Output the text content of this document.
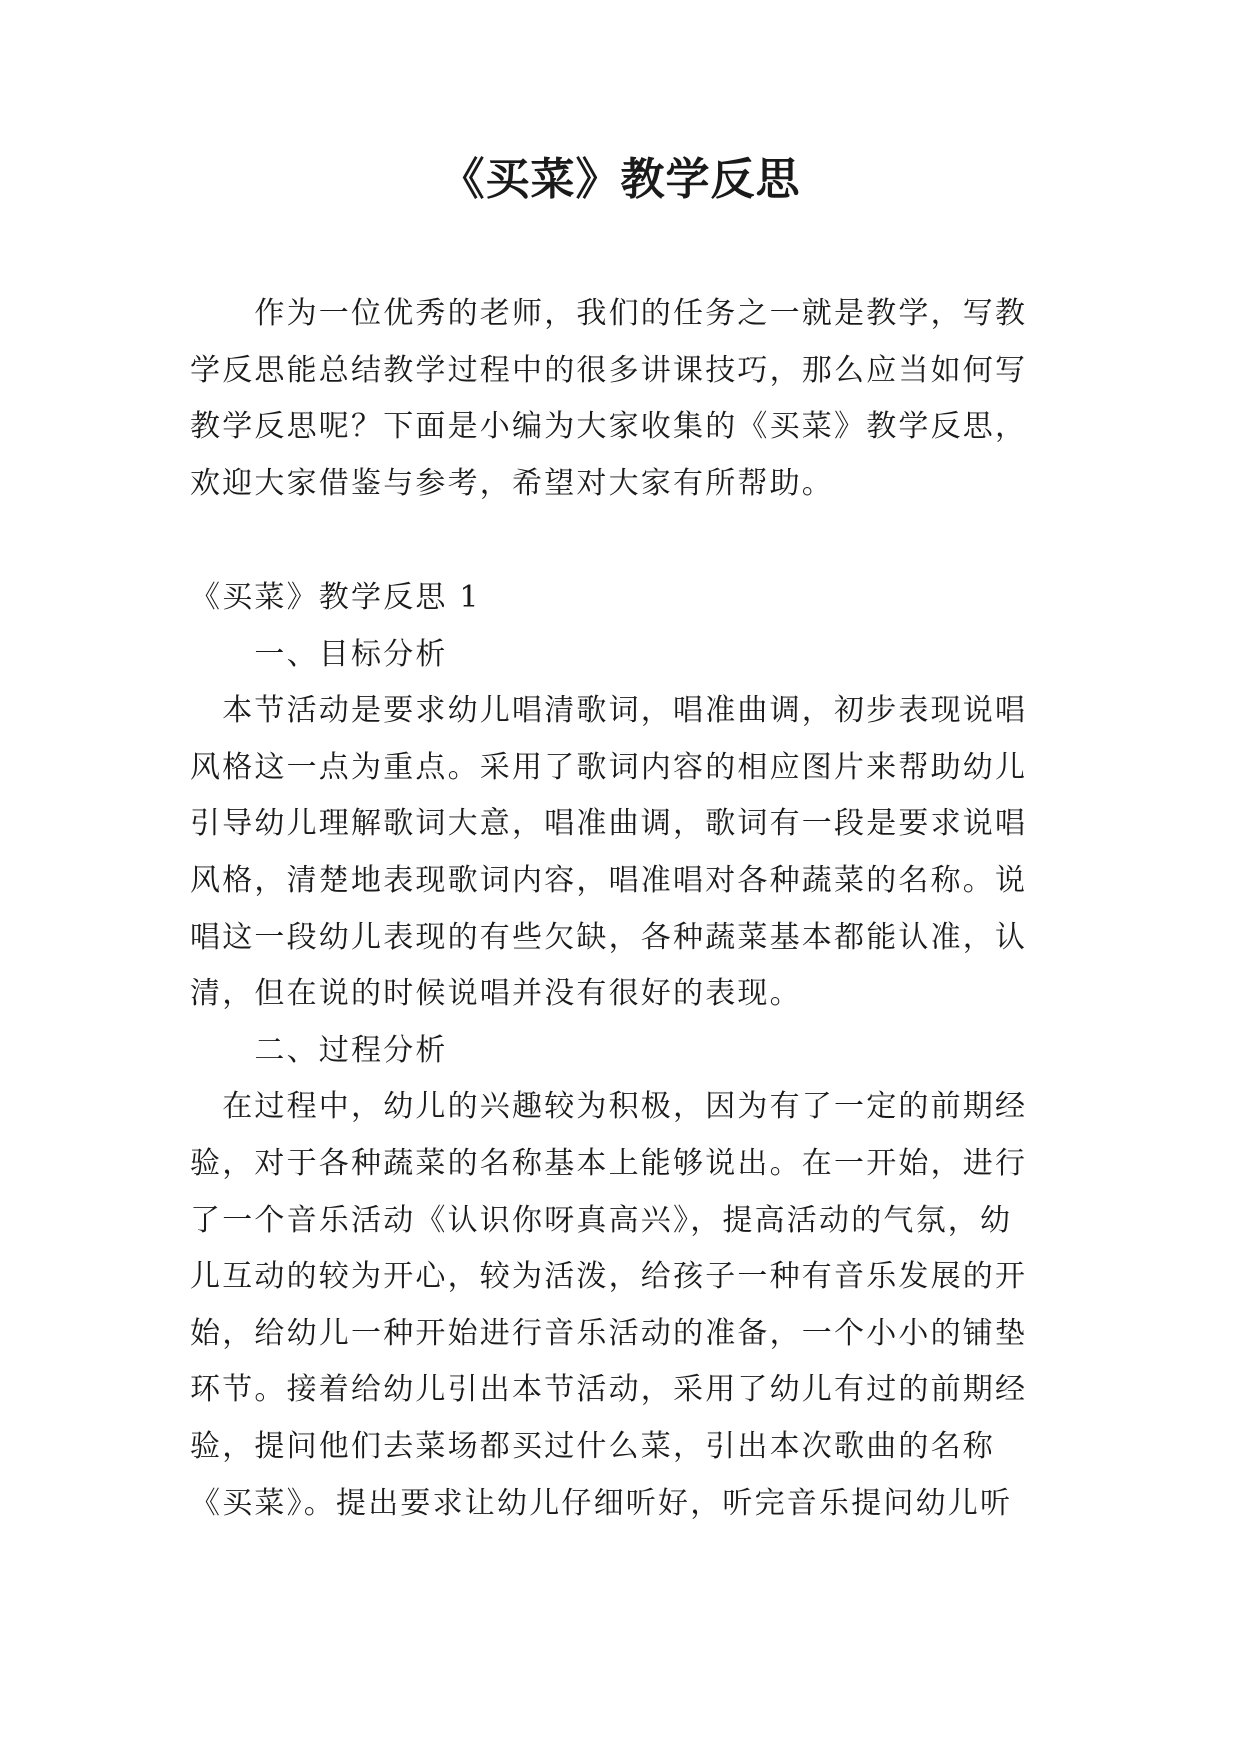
《买菜》教学反思
　　作为一位优秀的老师，我们的任务之一就是教学，写教
学反思能总结教学过程中的很多讲课技巧，那么应当如何写
教学反思呢？下面是小编为大家收集的《买菜》教学反思，
欢迎大家借鉴与参考，希望对大家有所帮助。
《买菜》教学反思 1
　　一、目标分析
　本节活动是要求幼儿唱清歌词，唱准曲调，初步表现说唱
风格这一点为重点。采用了歌词内容的相应图片来帮助幼儿
引导幼儿理解歌词大意，唱准曲调，歌词有一段是要求说唱
风格，清楚地表现歌词内容，唱准唱对各种蔬菜的名称。说
唱这一段幼儿表现的有些欠缺，各种蔬菜基本都能认准，认
清，但在说的时候说唱并没有很好的表现。
　　二、过程分析
　在过程中，幼儿的兴趣较为积极，因为有了一定的前期经
验，对于各种蔬菜的名称基本上能够说出。在一开始，进行
了一个音乐活动《认识你呀真高兴》，提高活动的气氛，幼
儿互动的较为开心，较为活泼，给孩子一种有音乐发展的开
始，给幼儿一种开始进行音乐活动的准备，一个小小的铺垫
环节。接着给幼儿引出本节活动，采用了幼儿有过的前期经
验，提问他们去菜场都买过什么菜，引出本次歌曲的名称
《买菜》。提出要求让幼儿仔细听好，听完音乐提问幼儿听
